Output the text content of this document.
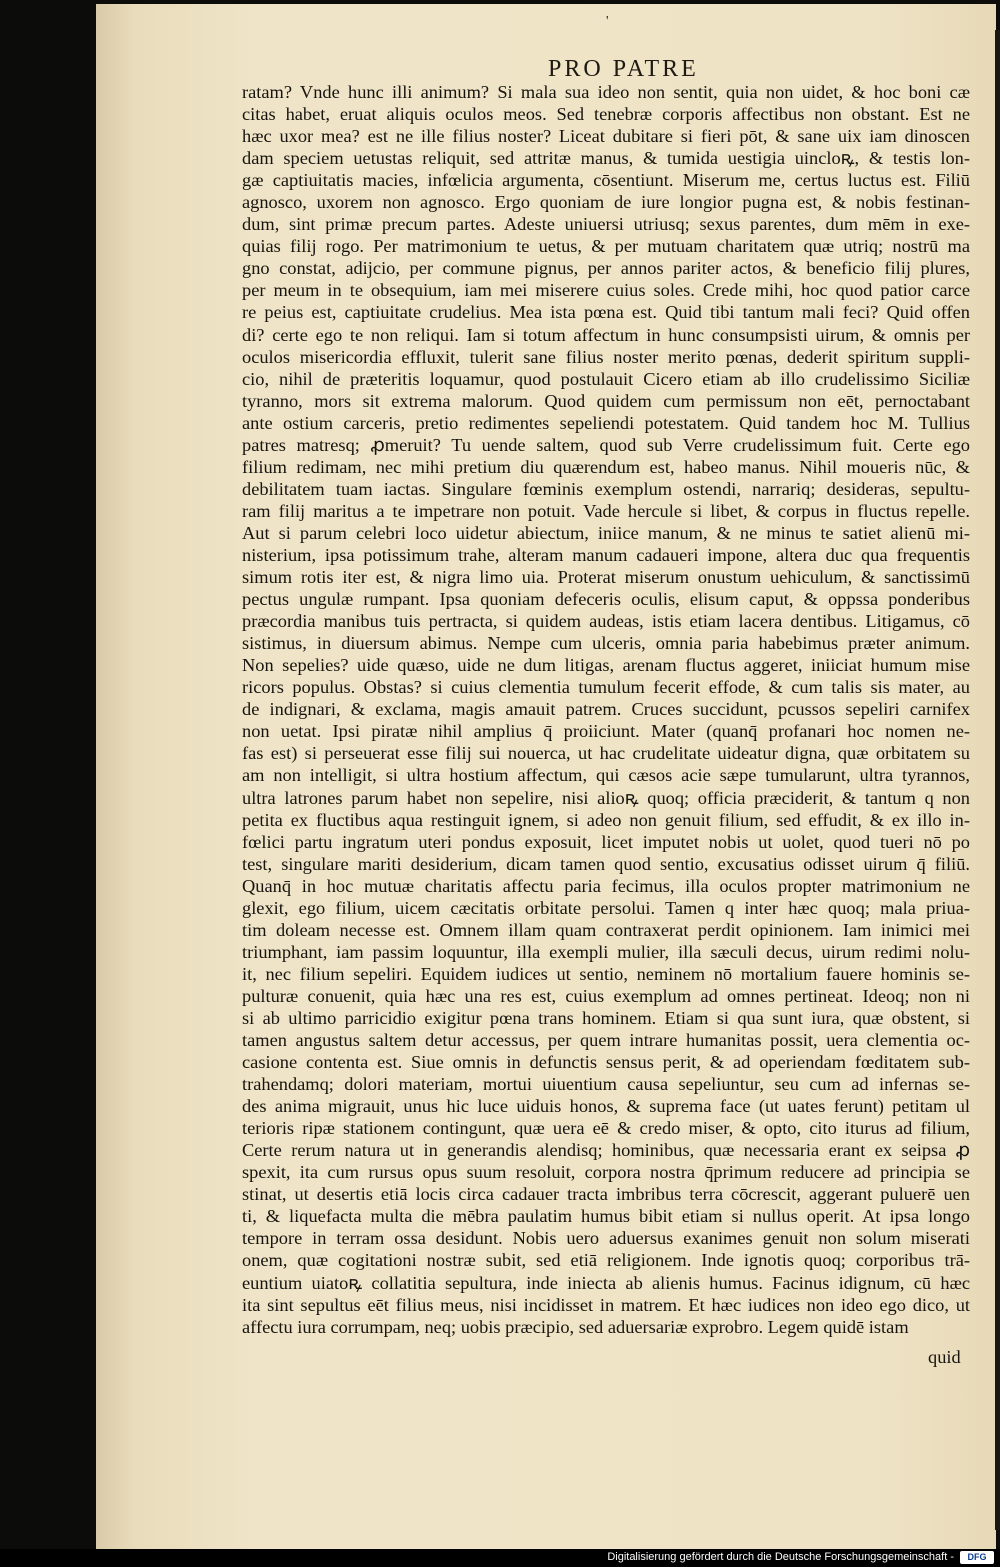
'
PRO PATRE
ratam? Vnde hunc illi animum? Si mala sua ideo non sentit, quia non uidet, & hoc boni cæ
citas habet, eruat aliquis oculos meos. Sed tenebræ corporis affectibus non obstant. Est ne
hæc uxor mea? est ne ille filius noster? Liceat dubitare si fieri pōt, & sane uix iam dinoscen
dam speciem uetustas reliquit, sed attritæ manus, & tumida uestigia uincloꝶ, & testis lon-
gæ captiuitatis macies, infœlicia argumenta, cōsentiunt. Miserum me, certus luctus est. Filiū
agnosco, uxorem non agnosco. Ergo quoniam de iure longior pugna est, & nobis festinan-
dum, sint primæ precum partes. Adeste uniuersi utriusq; sexus parentes, dum mēm in exe-
quias filij rogo. Per matrimonium te uetus, & per mutuam charitatem quæ utriq; nostrū ma
gno constat, adijcio, per commune pignus, per annos pariter actos, & beneficio filij plures,
per meum in te obsequium, iam mei miserere cuius soles. Crede mihi, hoc quod patior carce
re peius est, captiuitate crudelius. Mea ista pœna est. Quid tibi tantum mali feci? Quid offen
di? certe ego te non reliqui. Iam si totum affectum in hunc consumpsisti uirum, & omnis per
oculos misericordia effluxit, tulerit sane filius noster merito pœnas, dederit spiritum suppli-
cio, nihil de præteritis loquamur, quod postulauit Cicero etiam ab illo crudelissimo Siciliæ
tyranno, mors sit extrema malorum. Quod quidem cum permissum non eēt, pernoctabant
ante ostium carceris, pretio redimentes sepeliendi potestatem. Quid tandem hoc M. Tullius
patres matresq; ꝓmeruit? Tu uende saltem, quod sub Verre crudelissimum fuit. Certe ego
filium redimam, nec mihi pretium diu quærendum est, habeo manus. Nihil moueris nūc, &
debilitatem tuam iactas. Singulare fœminis exemplum ostendi, narrariq; desideras, sepultu-
ram filij maritus a te impetrare non potuit. Vade hercule si libet, & corpus in fluctus repelle.
Aut si parum celebri loco uidetur abiectum, iniice manum, & ne minus te satiet alienū mi-
nisterium, ipsa potissimum trahe, alteram manum cadaueri impone, altera duc qua frequentis
simum rotis iter est, & nigra limo uia. Proterat miserum onustum uehiculum, & sanctissimū
pectus ungulæ rumpant. Ipsa quoniam defeceris oculis, elisum caput, & oppssa ponderibus
præcordia manibus tuis pertracta, si quidem audeas, istis etiam lacera dentibus. Litigamus, cō
sistimus, in diuersum abimus. Nempe cum ulceris, omnia paria habebimus præter animum.
Non sepelies? uide quæso, uide ne dum litigas, arenam fluctus aggeret, iniiciat humum mise
ricors populus. Obstas? si cuius clementia tumulum fecerit effode, & cum talis sis mater, au
de indignari, & exclama, magis amauit patrem. Cruces succidunt, pcussos sepeliri carnifex
non uetat. Ipsi piratæ nihil amplius q̄ proiiciunt. Mater (quanq̄ profanari hoc nomen ne-
fas est) si perseuerat esse filij sui nouerca, ut hac crudelitate uideatur digna, quæ orbitatem su
am non intelligit, si ultra hostium affectum, qui cæsos acie sæpe tumularunt, ultra tyrannos,
ultra latrones parum habet non sepelire, nisi alioꝶ quoq; officia præciderit, & tantum q non
petita ex fluctibus aqua restinguit ignem, si adeo non genuit filium, sed effudit, & ex illo in-
fœlici partu ingratum uteri pondus exposuit, licet imputet nobis ut uolet, quod tueri nō po
test, singulare mariti desiderium, dicam tamen quod sentio, excusatius odisset uirum q̄ filiū.
Quanq̄ in hoc mutuæ charitatis affectu paria fecimus, illa oculos propter matrimonium ne
glexit, ego filium, uicem cæcitatis orbitate persolui. Tamen q inter hæc quoq; mala priua-
tim doleam necesse est. Omnem illam quam contraxerat perdit opinionem. Iam inimici mei
triumphant, iam passim loquuntur, illa exempli mulier, illa sæculi decus, uirum redimi nolu-
it, nec filium sepeliri. Equidem iudices ut sentio, neminem nō mortalium fauere hominis se-
pulturæ conuenit, quia hæc una res est, cuius exemplum ad omnes pertineat. Ideoq; non ni
si ab ultimo parricidio exigitur pœna trans hominem. Etiam si qua sunt iura, quæ obstent, si
tamen angustus saltem detur accessus, per quem intrare humanitas possit, uera clementia oc-
casione contenta est. Siue omnis in defunctis sensus perit, & ad operiendam fœditatem sub-
trahendamq; dolori materiam, mortui uiuentium causa sepeliuntur, seu cum ad infernas se-
des anima migrauit, unus hic luce uiduis honos, & suprema face (ut uates ferunt) petitam ul
terioris ripæ stationem contingunt, quæ uera eē & credo miser, & opto, cito iturus ad filium,
Certe rerum natura ut in generandis alendisq; hominibus, quæ necessaria erant ex seipsa ꝓ
spexit, ita cum rursus opus suum resoluit, corpora nostra q̄primum reducere ad principia se
stinat, ut desertis etiā locis circa cadauer tracta imbribus terra cōcrescit, aggerant puluerē uen
ti, & liquefacta multa die mēbra paulatim humus bibit etiam si nullus operit. At ipsa longo
tempore in terram ossa desidunt. Nobis uero aduersus exanimes genuit non solum miserati
onem, quæ cogitationi nostræ subit, sed etiā religionem. Inde ignotis quoq; corporibus trā-
euntium uiatoꝶ collatitia sepultura, inde iniecta ab alienis humus. Facinus idignum, cū hæc
ita sint sepultus eēt filius meus, nisi incidisset in matrem. Et hæc iudices non ideo ego dico, ut
affectu iura corrumpam, neq; uobis præcipio, sed aduersariæ exprobro. Legem quidē istam
quid
Digitalisierung gefördert durch die Deutsche Forschungsgemeinschaft -	DFG
